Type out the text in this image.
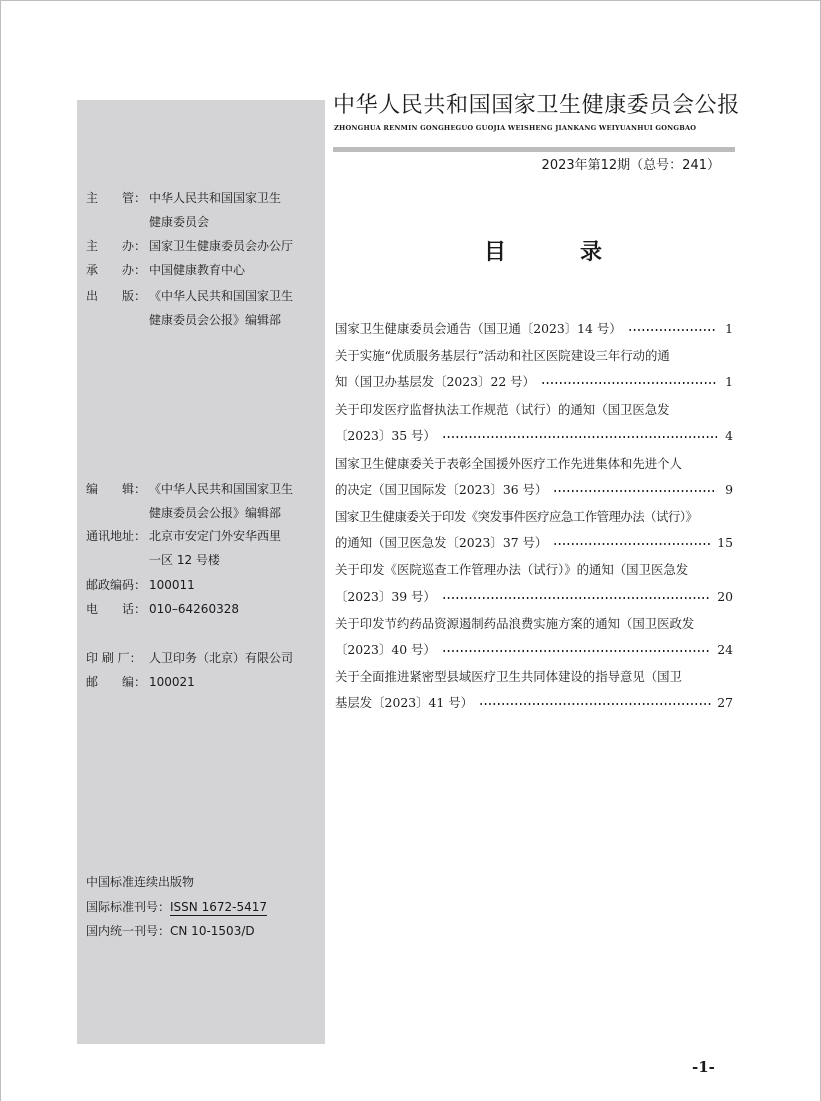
主　　管： 中华人民共和国国家卫生
健康委员会
主　　办： 国家卫生健康委员会办公厅
承　　办： 中国健康教育中心
出　　版： 《中华人民共和国国家卫生
健康委员会公报》编辑部
编　　辑： 《中华人民共和国国家卫生
健康委员会公报》编辑部
通讯地址： 北京市安定门外安华西里
一区 12 号楼
邮政编码： 100011
电　　话： 010–64260328
印 刷 厂： 人卫印务（北京）有限公司
邮　　编： 100021
中国标准连续出版物
国际标准刊号：ISSN 1672-5417
国内统一刊号：CN 10-1503/D
中华人民共和国国家卫生健康委员会公报
ZHONGHUA RENMIN GONGHEGUO GUOJIA WEISHENG JIANKANG WEIYUANHUI GONGBAO
2023年第12期（总号：241）
目　录
国家卫生健康委员会通告（国卫通〔2023〕14 号）	1
关于实施“优质服务基层行”活动和社区医院建设三年行动的通
知（国卫办基层发〔2023〕22 号）	1
关于印发医疗监督执法工作规范（试行）的通知（国卫医急发
〔2023〕35 号）	4
国家卫生健康委关于表彰全国援外医疗工作先进集体和先进个人
的决定（国卫国际发〔2023〕36 号）	9
国家卫生健康委关于印发《突发事件医疗应急工作管理办法（试行）》
的通知（国卫医急发〔2023〕37 号）	15
关于印发《医院巡查工作管理办法（试行）》的通知（国卫医急发
〔2023〕39 号）	20
关于印发节约药品资源遏制药品浪费实施方案的通知（国卫医政发
〔2023〕40 号）	24
关于全面推进紧密型县域医疗卫生共同体建设的指导意见（国卫
基层发〔2023〕41 号）	27
-1-
